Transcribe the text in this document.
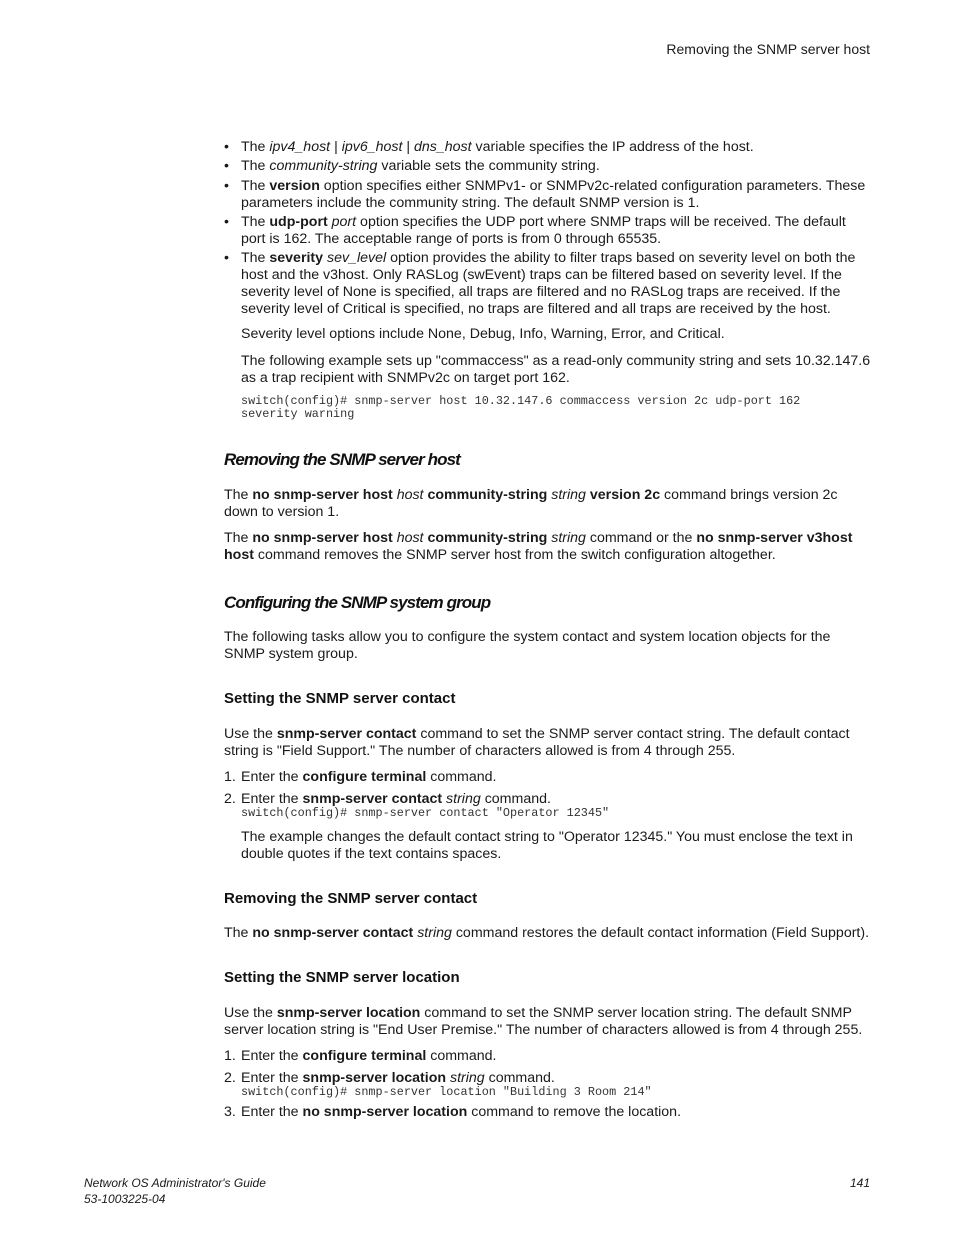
Removing the SNMP server host
• The ipv4_host | ipv6_host | dns_host variable specifies the IP address of the host.
• The community-string variable sets the community string.
• The version option specifies either SNMPv1- or SNMPv2c-related configuration parameters. These parameters include the community string. The default SNMP version is 1.
• The udp-port port option specifies the UDP port where SNMP traps will be received. The default port is 162. The acceptable range of ports is from 0 through 65535.
• The severity sev_level option provides the ability to filter traps based on severity level on both the host and the v3host. Only RASLog (swEvent) traps can be filtered based on severity level. If the severity level of None is specified, all traps are filtered and no RASLog traps are received. If the severity level of Critical is specified, no traps are filtered and all traps are received by the host.
Severity level options include None, Debug, Info, Warning, Error, and Critical.
The following example sets up "commaccess" as a read-only community string and sets 10.32.147.6 as a trap recipient with SNMPv2c on target port 162.
switch(config)# snmp-server host 10.32.147.6 commaccess version 2c udp-port 162
severity warning
Removing the SNMP server host
The no snmp-server host host community-string string version 2c command brings version 2c down to version 1.
The no snmp-server host host community-string string command or the no snmp-server v3host host command removes the SNMP server host from the switch configuration altogether.
Configuring the SNMP system group
The following tasks allow you to configure the system contact and system location objects for the SNMP system group.
Setting the SNMP server contact
Use the snmp-server contact command to set the SNMP server contact string. The default contact string is "Field Support." The number of characters allowed is from 4 through 255.
1. Enter the configure terminal command.
2. Enter the snmp-server contact string command.
switch(config)# snmp-server contact "Operator 12345"
The example changes the default contact string to "Operator 12345." You must enclose the text in double quotes if the text contains spaces.
Removing the SNMP server contact
The no snmp-server contact string command restores the default contact information (Field Support).
Setting the SNMP server location
Use the snmp-server location command to set the SNMP server location string. The default SNMP server location string is "End User Premise." The number of characters allowed is from 4 through 255.
1. Enter the configure terminal command.
2. Enter the snmp-server location string command.
switch(config)# snmp-server location "Building 3 Room 214"
3. Enter the no snmp-server location command to remove the location.
Network OS Administrator's Guide
53-1003225-04
141
